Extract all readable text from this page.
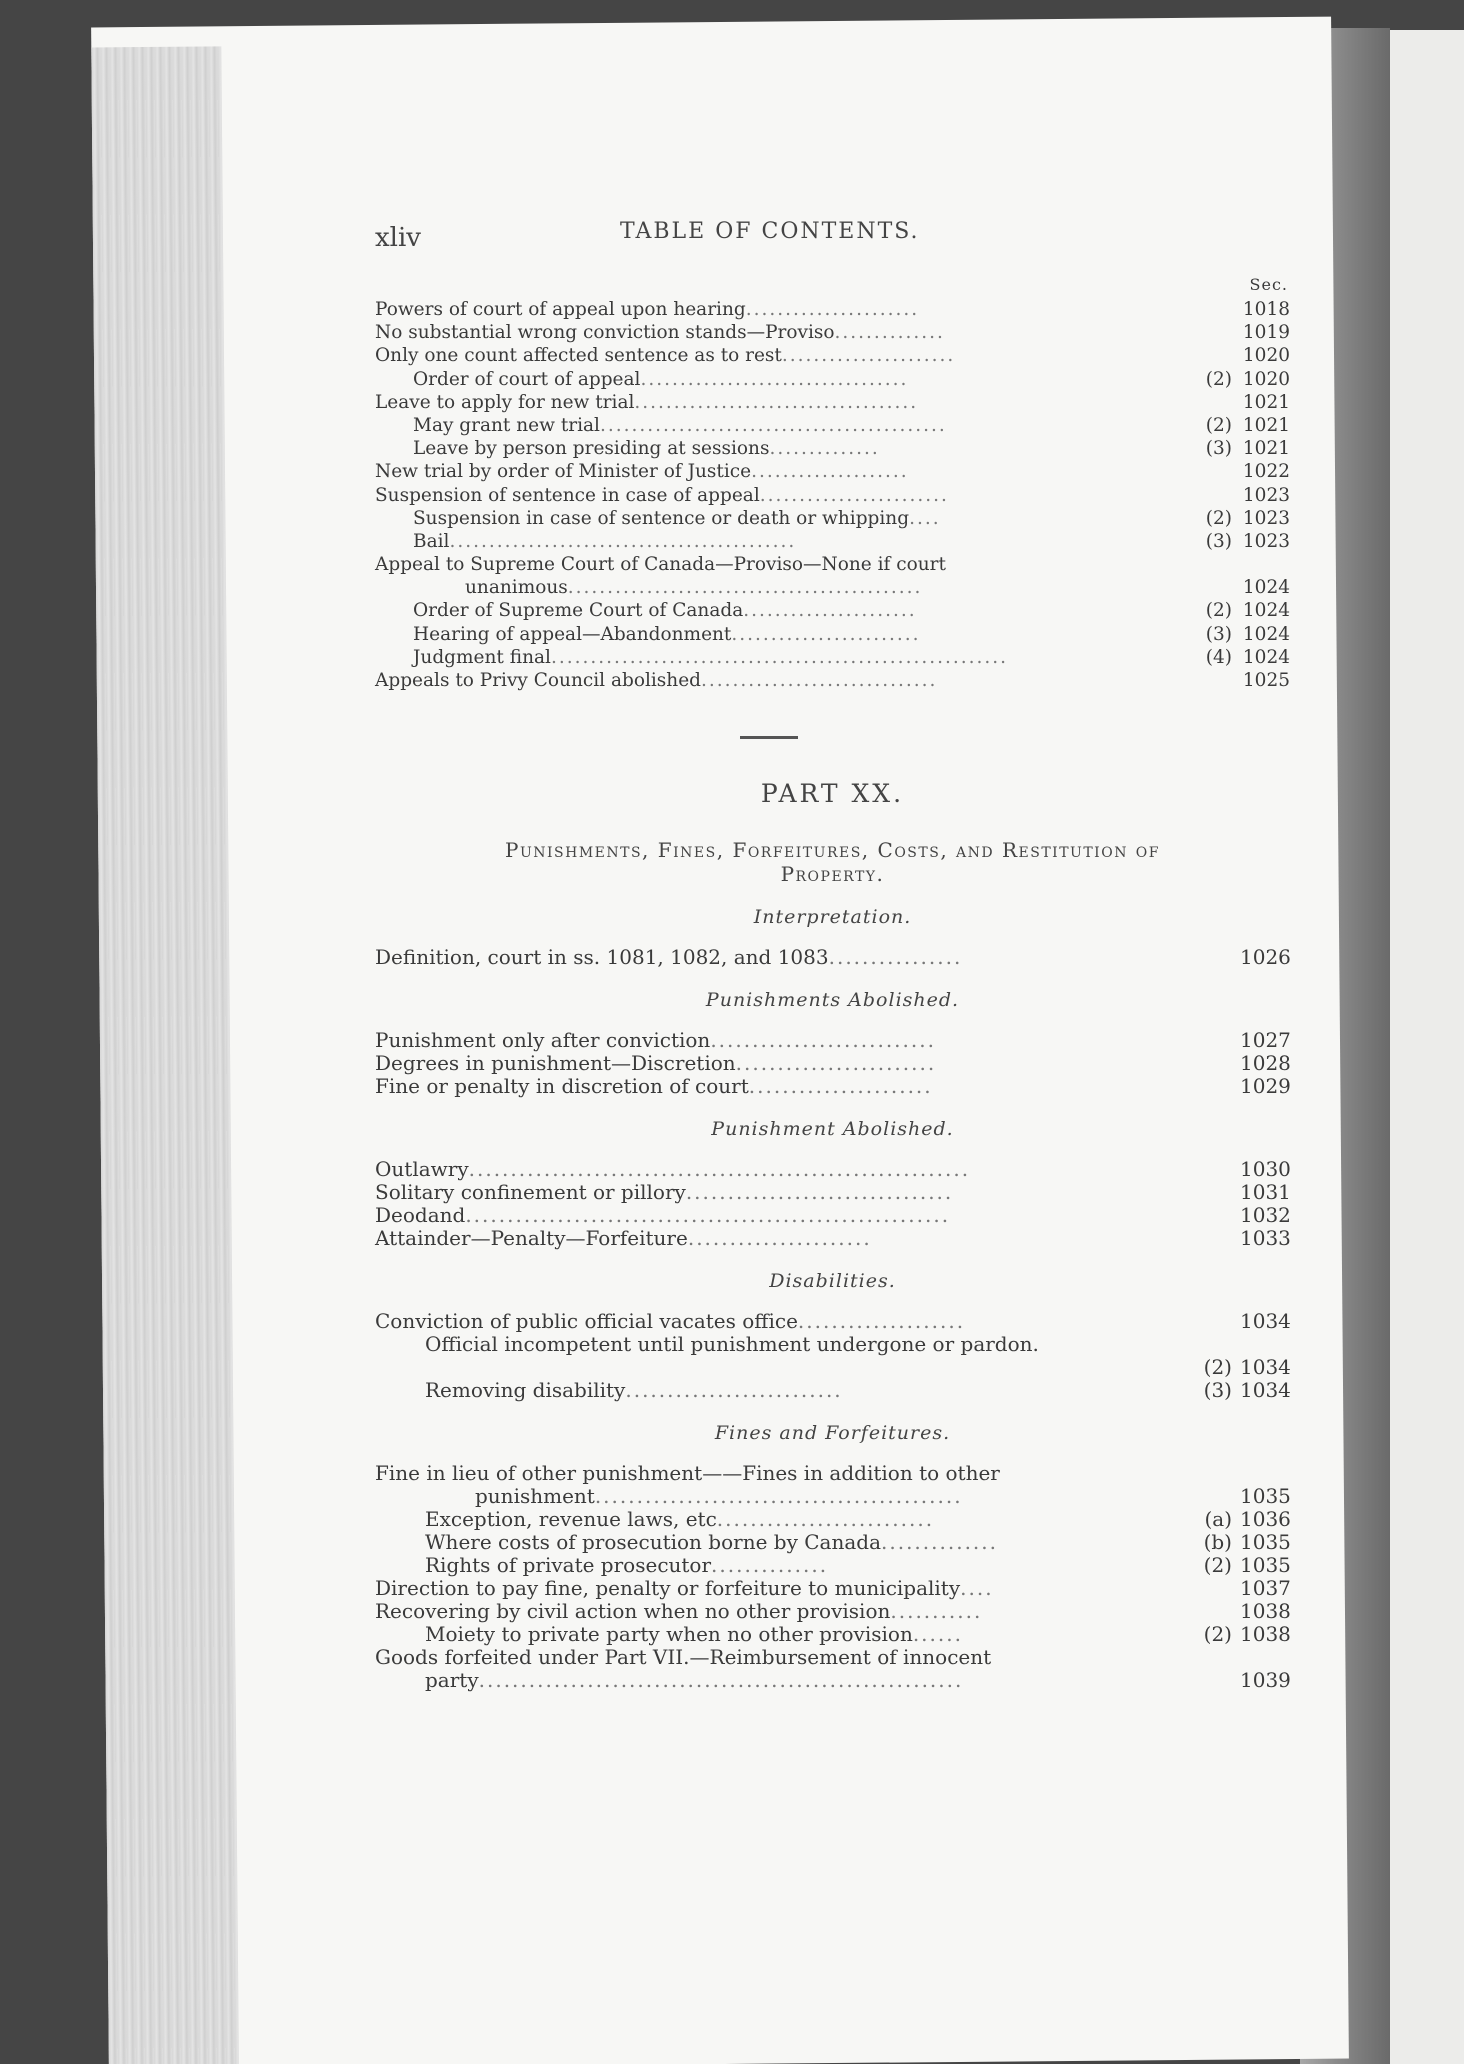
xliv	TABLE OF CONTENTS.
Sec.
Powers of court of appeal upon hearing......................	1018
No substantial wrong conviction stands—Proviso..............	1019
Only one count affected sentence as to rest......................	1020
Order of court of appeal..................................	(2) 1020
Leave to apply for new trial....................................	1021
May grant new trial............................................	(2) 1021
Leave by person presiding at sessions..............	(3) 1021
New trial by order of Minister of Justice....................	1022
Suspension of sentence in case of appeal........................	1023
Suspension in case of sentence or death or whipping....	(2) 1023
Bail............................................	(3) 1023
Appeal to Supreme Court of Canada—Proviso—None if court
unanimous.............................................	1024
Order of Supreme Court of Canada......................	(2) 1024
Hearing of appeal—Abandonment........................	(3) 1024
Judgment final..........................................................	(4) 1024
Appeals to Privy Council abolished..............................	1025
PART XX.
Punishments, Fines, Forfeitures, Costs, and Restitution of
Property.
Interpretation.
Definition, court in ss. 1081, 1082, and 1083................	1026
Punishments Abolished.
Punishment only after conviction...........................	1027
Degrees in punishment—Discretion........................	1028
Fine or penalty in discretion of court......................	1029
Punishment Abolished.
Outlawry............................................................	1030
Solitary confinement or pillory................................	1031
Deodand..........................................................	1032
Attainder—Penalty—Forfeiture......................	1033
Disabilities.
Conviction of public official vacates office....................	1034
Official incompetent until punishment undergone or pardon.
(2) 1034
Removing disability..........................	(3) 1034
Fines and Forfeitures.
Fine in lieu of other punishment——Fines in addition to other
punishment............................................	1035
Exception, revenue laws, etc..........................	(a) 1036
Where costs of prosecution borne by Canada..............	(b) 1035
Rights of private prosecutor..............	(2) 1035
Direction to pay fine, penalty or forfeiture to municipality....	1037
Recovering by civil action when no other provision...........	1038
Moiety to private party when no other provision......	(2) 1038
Goods forfeited under Part VII.—Reimbursement of innocent
party..........................................................	1039
